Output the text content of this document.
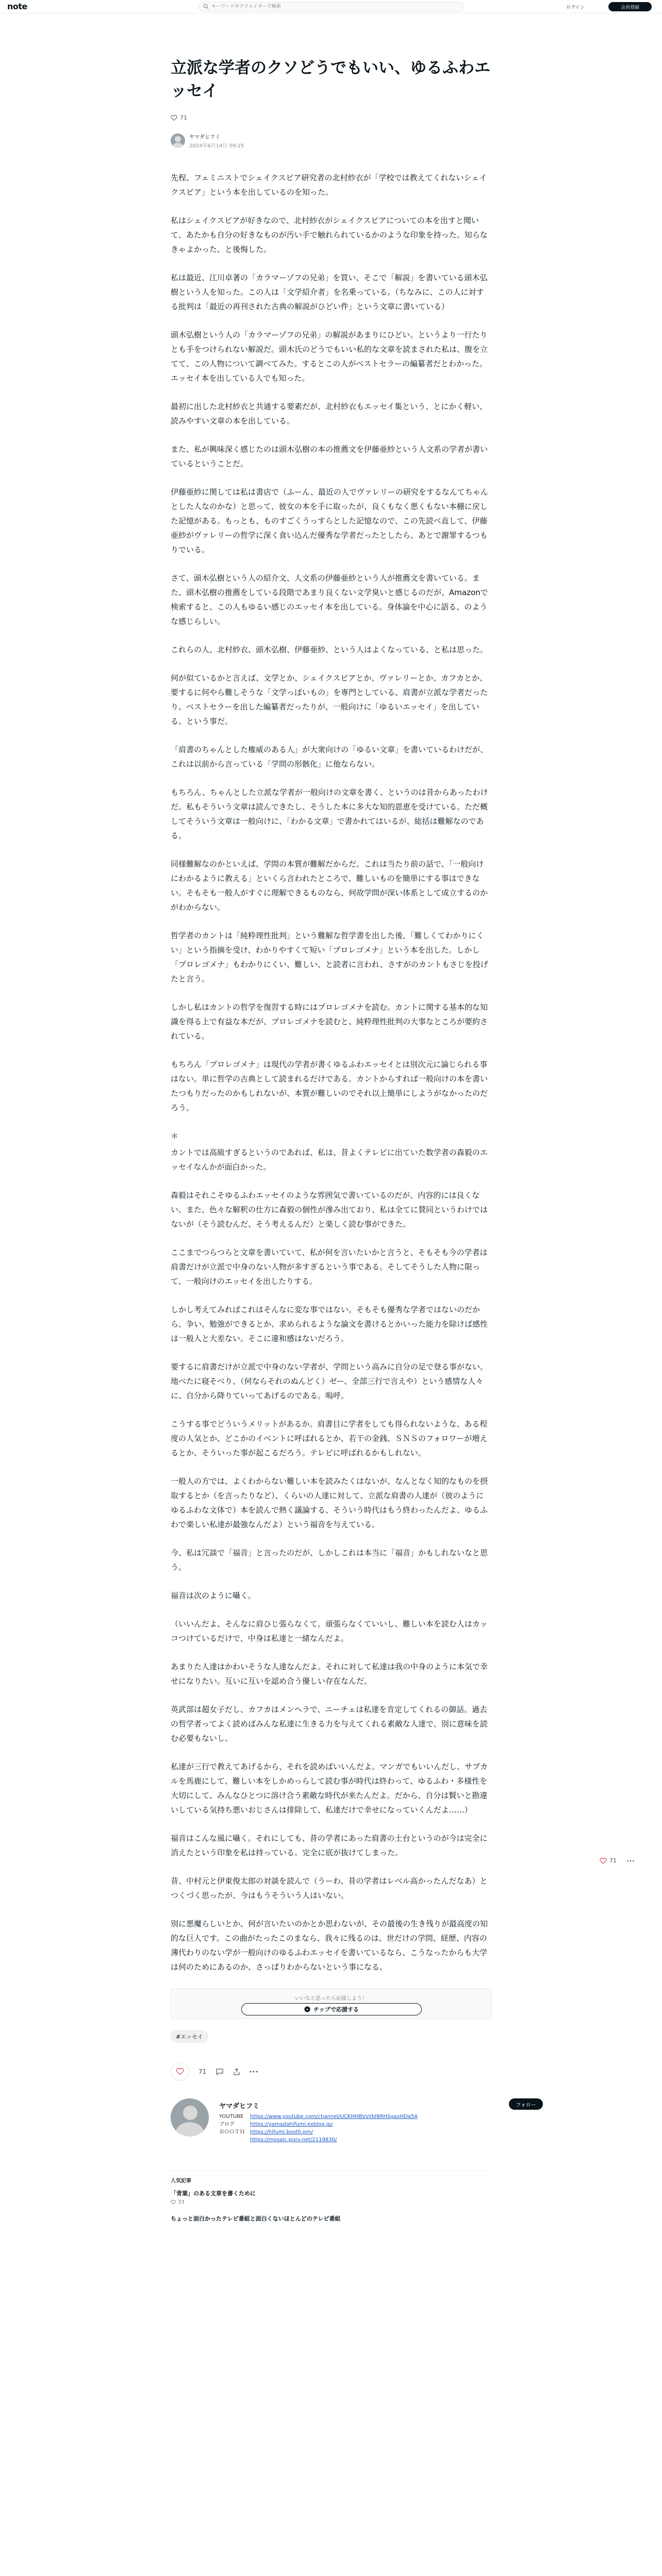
note
キーワードやクリエイターで検索	ログイン	会員登録
立派な学者のクソどうでもいい、ゆるふわエッセイ
71
ヤマダヒフミ
2024年6月14日 09:25

先程、フェミニストでシェイクスピア研究者の北村紗衣が「学校では教えてくれないシェイクスピア」という本を出しているのを知った。

私はシェイクスピアが好きなので、北村紗衣がシェイクスピアについての本を出すと聞いて、あたかも自分の好きなものが汚い手で触れられているかのような印象を持った。知らなきゃよかった、と後悔した。

私は最近、江川卓著の「カラマーゾフの兄弟」を買い、そこで「解説」を書いている頭木弘樹という人を知った。この人は「文学紹介者」を名乗っている。（ちなみに、この人に対する批判は「最近の再刊された古典の解説がひどい件」という文章に書いている）

頭木弘樹という人の「カラマーゾフの兄弟」の解説があまりにひどい。というより一行たりとも手をつけられない解説だ。頭木氏のどうでもいい私的な文章を読まされた私は、腹を立てて、この人物について調べてみた。するとこの人がベストセラーの編纂者だとわかった。エッセイ本を出している人でも知った。

最初に出した北村紗衣と共通する要素だが、北村紗衣もエッセイ集という、とにかく軽い、読みやすい文章の本を出している。

また、私が興味深く感じたのは頭木弘樹の本の推薦文を伊藤亜紗という人文系の学者が書いているということだ。

伊藤亜紗に関しては私は書店で（ふーん、最近の人でヴァレリーの研究をするなんてちゃんとした人なのかな）と思って、彼女の本を手に取ったが、良くもなく悪くもない本棚に戻した記憶がある。もっとも、ものすごくうっすらとした記憶なので、この先読べ直して、伊藤亜紗がヴァレリーの哲学に深く食い込んだ優秀な学者だったとしたら、あとで謝罪するつもりでいる。

さて、頭木弘樹という人の紹介文、人文系の伊藤亜紗という人が推薦文を書いている。また、頭木弘樹の推薦をしている段階であまり良くない文学臭いと感じるのだが、Amazonで検索すると、この人もゆるい感じのエッセイ本を出している。身体論を中心に語る、のような感じらしい。

これらの人、北村紗衣、頭木弘樹、伊藤亜紗、という人はよくなっている、と私は思った。

何が似ているかと言えば、文学とか、シェイクスピアとか、ヴァレリーとか、カフカとか、要するに何やら難しそうな「文学っぽいもの」を専門としている、肩書が立派な学者だったり、ベストセラーを出した編纂者だったりが、一般向けに「ゆるいエッセイ」を出している、という事だ。

「肩書のちゃんとした権威のある人」が大衆向けの「ゆるい文章」を書いているわけだが、これは以前から言っている「学問の形骸化」に他ならない。

もちろん、ちゃんとした立派な学者が一般向けの文章を書く、というのは昔からあったわけだ。私もそういう文章は読んできたし、そうした本に多大な知的恩恵を受けている。ただ概してそういう文章は一般向けに、「わかる文章」で書かれてはいるが、総括は難解なのである。

同様難解なのかといえば、学問の本質が難解だからだ。これは当たり前の話で、「一般向けにわかるように教える」といくら言われたところで、難しいものを簡単にする事はできない。そもそも一般人がすぐに理解できるものなら、何故学問が深い体系として成立するのかがわからない。

哲学者のカントは「純粋理性批判」という難解な哲学書を出した後、「難しくてわかりにくい」という指摘を受け、わかりやすくて短い「プロレゴメナ」という本を出した。しかし「プロレゴメナ」もわかりにくい、難しい、と読者に言われ、さすがのカントもさじを投げたと言う。

しかし私はカントの哲学を復習する時にはプロレゴメナを読む。カントに関する基本的な知識を得る上で有益な本だが、プロレゴメナを読むと、純粋理性批判の大事なところが要約されている。

もちろん「プロレゴメナ」は現代の学者が書くゆるふわエッセイとは別次元に論じられる事はない。単に哲学の古典として読まれるだけである。カントからすれば一般向けの本を書いたつもりだったのかもしれないが、本質が難しいのでそれ以上簡単にしようがなかったのだろう。

＊

カントでは高級すぎるというのであれば、私は、昔よくテレビに出ていた数学者の森毅のエッセイなんかが面白かった。

森毅はそれこそゆるふわエッセイのような雰囲気で書いているのだが、内容的には良くない。また、色々な解釈の仕方に森毅の個性が滲み出ており、私は全てに賛同というわけではないが（そう読むんだ、そう考えるんだ）と楽しく読む事ができた。

ここまでつらつらと文章を書いていて、私が何を言いたいかと言うと、そもそも今の学者は肩書だけが立派で中身のない人物が多すぎるという事である。そしてそうした人物に限って、一般向けのエッセイを出したりする。

しかし考えてみればこれはそんなに変な事ではない。そもそも優秀な学者ではないのだから、争い、勉強ができるとか、求められるような論文を書けるとかいった能力を除けば感性は一般人と大差ない。そこに違和感はないだろう。

要するに肩書だけが立派で中身のない学者が、学問という高みに自分の足で登る事がない。地べたに寝そべり、（何ならそれのぬんどく）ゼー、全部三行で言えや）という感情な人々に、自分から降りていってあげるのである。嗚呼。

こうする事でどういうメリットがあるか。肩書目に学者をしても得られないような、ある程度の人気とか、どこかのイベントに呼ばれるとか、若干の金銭、ＳＮＳのフォロワーが増えるとか、そういった事が起こるだろう。テレビに呼ばれるかもしれない。

一般人の方では、よくわからない難しい本を読みたくはないが、なんとなく知的なものを摂取するとか（を言ったりなど）、くらいの人達に対して、立派な肩書の人達が（彼のようにゆるふわな文体で）本を読んで熱く議論する、そういう時代はもう終わったんだよ、ゆるふわで楽しい私達が最強なんだよ）という福音を与えている。

今、私は冗談で「福音」と言ったのだが、しかしこれは本当に「福音」かもしれないなと思う。

福音は次のように囁く。

（いいんだよ、そんなに肩ひじ張らなくて。頑張らなくていいし、難しい本を読む人はカッコつけているだけで、中身は私達と一緒なんだよ。

あまりた人達はかわいそうな人達なんだよ。それに対して私達は我の中身のように本気で幸せになりたい。互いに互いを認め合う優しい存在なんだ。

英武部は超女子だし、カフカはメンヘラで、ニーチェは私達を肯定してくれるの御話。過去の哲学者ってよく読めばみんな私達に生きる力を与えてくれる素敵な人達で、別に意味を読む必要もないし。

私達が三行で教えてあげるから、それを読めばいいんだよ。マンガでもいいんだし、サブカルを馬鹿にして、難しい本をしかめっらして読む事が時代は終わって、ゆるふわ・多様性を大切にして、みんなひとつに溶け合う素敵な時代が来たんだよ。だから、自分は賢いと勘違いしている気持ち悪いおじさんは排除して、私達だけで幸せになっていくんだよ……）

福音はこんな風に囁く。それにしても、昔の学者にあった肩書の土台というのが今は完全に消えたという印象を私は持っている。完全に底が抜けてしまった。

昔、中村元と伊東俊太郎の対談を読んで（うーわ、昔の学者はレベル高かったんだなあ）とつくづく思ったが、今はもうそういう人はいない。

別に悪魔らしいとか、何が言いたいのかとか思わないが、その最後の生き残りが最高度の知的な巨人です。この曲がたったこのまなら、我々に残るのは、世だけの学問、経歴、内容の薄代わりのない学が一般向けのゆるふわエッセイを書いているなら、こうなったからも大学は何のためにあるのか、さっぱりわからないという事になる。

いいなと思ったら応援しよう！
チップで応援する
#エッセイ
71
ヤマダヒフミ	フォロー
YOUTUBE	https://www.youtube.com/channel/UCKHHBVsVbl8RHSgaxHDa5A
ブログ	https://yamadahifumi.exblog.jp/
ＢＯＯＴＨ	https://hifumi.booth.pm/
https://mosaic.pixiv.net/2119830/
人気記事
「青葉」のある文章を書くために
33
ちょっと面白かったテレビ番組と面白くないほとんどのテレビ番組
71
